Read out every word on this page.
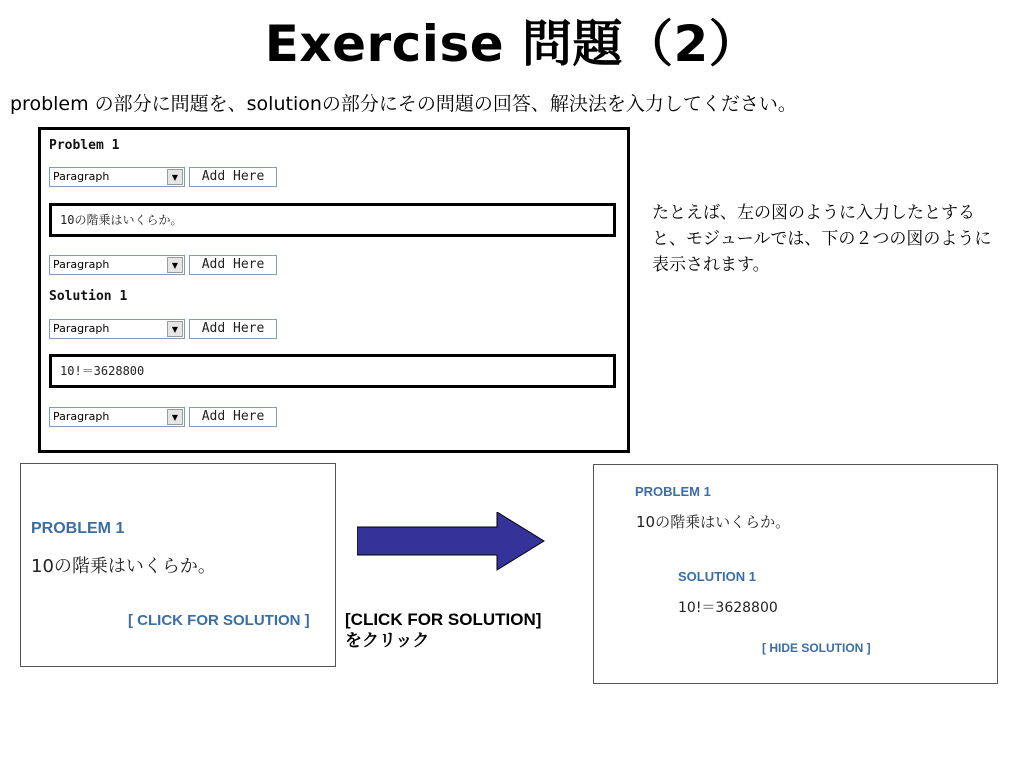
Exercise 問題（2）
problem の部分に問題を、solutionの部分にその問題の回答、解決法を入力してください。
Problem 1
Paragraph	▼	Add Here
10の階乗はいくらか。
Paragraph	▼	Add Here
Solution 1
Paragraph	▼	Add Here
10!＝3628800
Paragraph	▼	Add Here
たとえば、左の図のように入力したとすると、モジュールでは、下の２つの図のように表示されます。
PROBLEM 1
10の階乗はいくらか。
[ CLICK FOR SOLUTION ] [CLICK FOR SOLUTION]
をクリック
PROBLEM 1
10の階乗はいくらか。
SOLUTION 1
10!＝3628800
[ HIDE SOLUTION ]
